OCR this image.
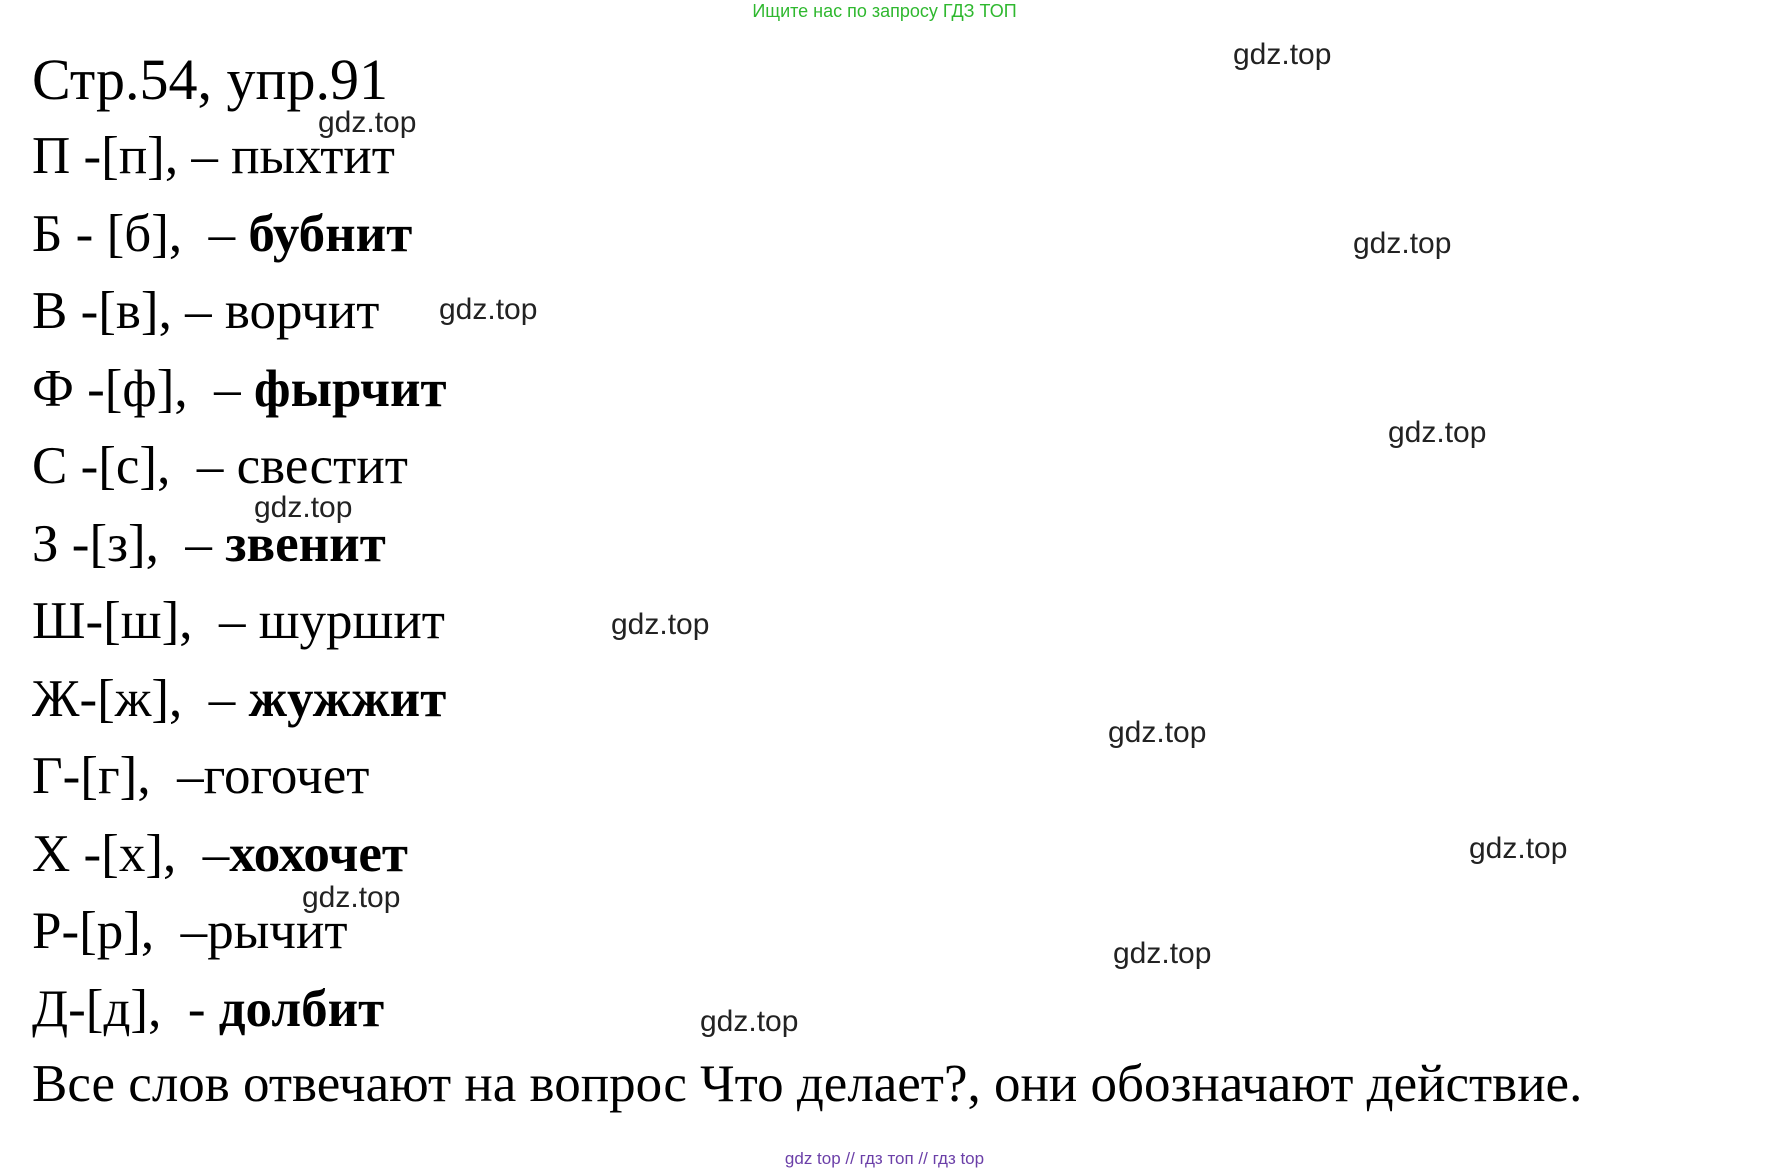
Ищите нас по запросу ГДЗ ТОП
Стр.54, упр.91
П -[п], – пыхтит
Б - [б],  – бубнит
В -[в], – ворчит
Ф -[ф],  – фырчит
С -[с],  – свестит
З -[з],  – звенит
Ш-[ш],  – шуршит
Ж-[ж],  – жужжит
Г-[г],  –гогочет
Х -[х],  –хохочет
Р-[р],  –рычит
Д-[д],  - долбит
Все слов отвечают на вопрос Что делает?, они обозначают действие.
gdz.top
gdz.top
gdz.top
gdz.top
gdz.top
gdz.top
gdz.top
gdz.top
gdz.top
gdz.top
gdz.top
gdz.top
gdz top // гдз топ // гдз top
